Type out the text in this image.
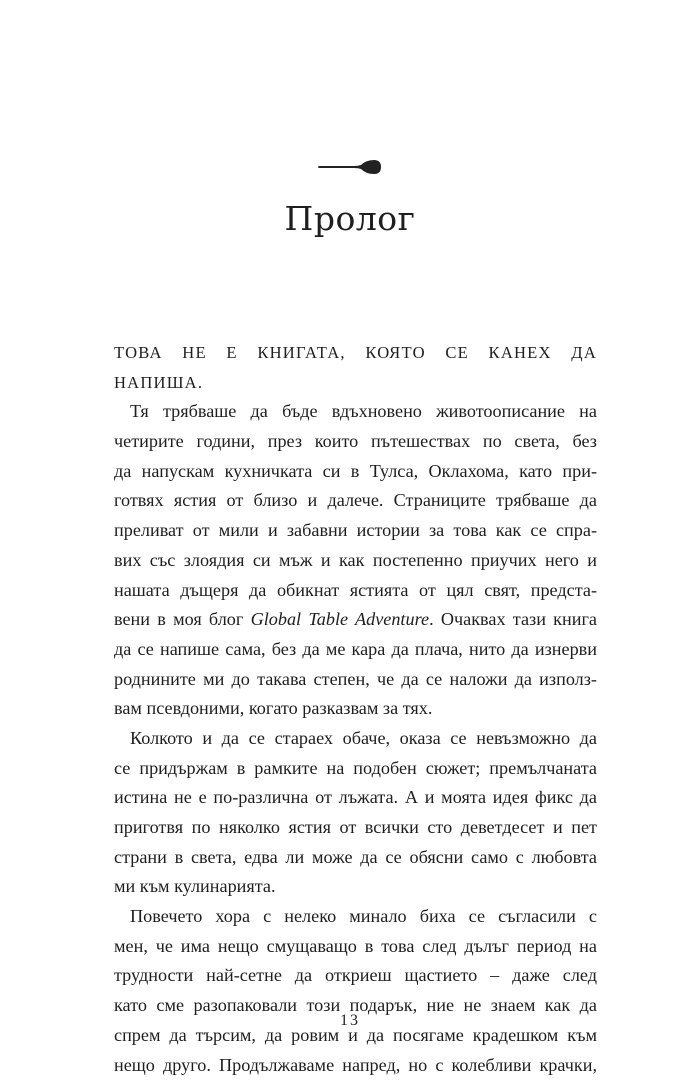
Пролог
ТОВА НЕ Е КНИГАТА, КОЯТО СЕ КАНЕХ ДА
НАПИША.
Тя трябваше да бъде вдъхновено животоописание на
четирите години, през които пътешествах по света, без
да напускам кухничката си в Тулса, Оклахома, като при-
готвях ястия от близо и далече. Страниците трябваше да
преливат от мили и забавни истории за това как се спра-
вих със злоядия си мъж и как постепенно приучих него и
нашата дъщеря да обикнат ястията от цял свят, предста-
вени в моя блог Global Table Adventure. Очаквах тази книга
да се напише сама, без да ме кара да плача, нито да изнерви
роднините ми до такава степен, че да се наложи да използ-
вам псевдоними, когато разказвам за тях.
Колкото и да се стараех обаче, оказа се невъзможно да
се придържам в рамките на подобен сюжет; премълчаната
истина не е по-различна от лъжата. А и моята идея фикс да
приготвя по няколко ястия от всички сто деветдесет и пет
страни в света, едва ли може да се обясни само с любовта
ми към кулинарията.
Повечето хора с нелеко минало биха се съгласили с
мен, че има нещо смущаващо в това след дълъг период на
трудности най-сетне да откриеш щастието – даже след
като сме разопаковали този подарък, ние не знаем как да
спрем да търсим, да ровим и да посягаме крадешком към
нещо друго. Продължаваме напред, но с колебливи крачки,
13
